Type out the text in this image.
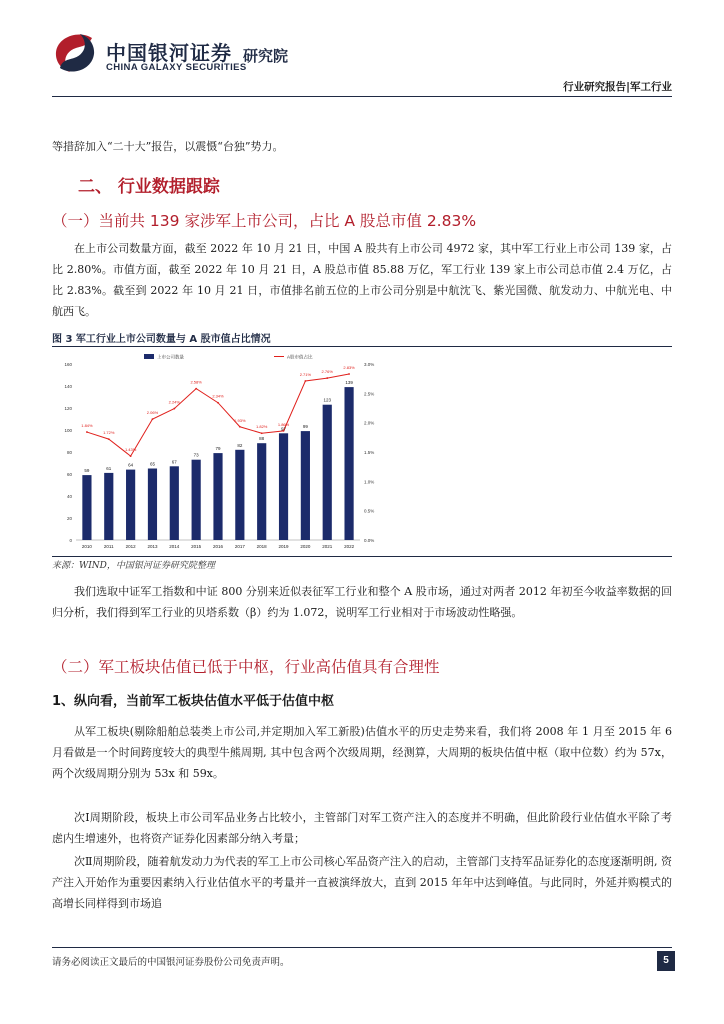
中国银河证券
CHINA GALAXY SECURITIES
研究院
行业研究报告|军工行业
等措辞加入“二十大”报告，以震慑“台独”势力。
二、 行业数据跟踪
（一）当前共 139 家涉军上市公司，占比 A 股总市值 2.83%
在上市公司数量方面，截至 2022 年 10 月 21 日，中国 A 股共有上市公司 4972 家，其中军工行业上市公司 139 家，占比 2.80%。市值方面，截至 2022 年 10 月 21 日，A 股总市值 85.88 万亿，军工行业 139 家上市公司总市值 2.4 万亿，占比 2.83%。截至到 2022 年 10 月 21 日，市值排名前五位的上市公司分别是中航沈飞、紫光国微、航发动力、中航光电、中航西飞。
图 3 军工行业上市公司数量与 A 股市值占比情况
0
20
40
60
80
100
120
140
160
0.0%
0.5%
1.0%
1.5%
2.0%
2.5%
3.0%
59
2010
61
2011
64
2012
65
2013
67
2014
73
2015
79
2016
82
2017
88
2018
97
2019
99
2020
123
2021
139
2022
1.84%
1.72%
1.43%
2.06%
2.24%
2.58%
2.34%
1.93%
1.82%	1.86%
2.71%
2.76%
2.83%
上市公司数量	A股市值占比
来源：WIND，中国银河证券研究院整理
我们选取中证军工指数和中证 800 分别来近似表征军工行业和整个 A 股市场，通过对两者 2012 年初至今收益率数据的回归分析，我们得到军工行业的贝塔系数（β）约为 1.072，说明军工行业相对于市场波动性略强。
（二）军工板块估值已低于中枢，行业高估值具有合理性
1、纵向看，当前军工板块估值水平低于估值中枢
从军工板块(剔除船舶总装类上市公司,并定期加入军工新股)估值水平的历史走势来看，我们将 2008 年 1 月至 2015 年 6 月看做是一个时间跨度较大的典型牛熊周期, 其中包含两个次级周期，经测算，大周期的板块估值中枢（取中位数）约为 57x，两个次级周期分别为 53x 和 59x。
次Ⅰ周期阶段，板块上市公司军品业务占比较小，主管部门对军工资产注入的态度并不明确，但此阶段行业估值水平除了考虑内生增速外，也将资产证券化因素部分纳入考量；
次Ⅱ周期阶段，随着航发动力为代表的军工上市公司核心军品资产注入的启动，主管部门支持军品证券化的态度逐渐明朗, 资产注入开始作为重要因素纳入行业估值水平的考量并一直被演绎放大，直到 2015 年年中达到峰值。与此同时，外延并购模式的高增长同样得到市场追
请务必阅读正文最后的中国银河证券股份公司免责声明。	5
